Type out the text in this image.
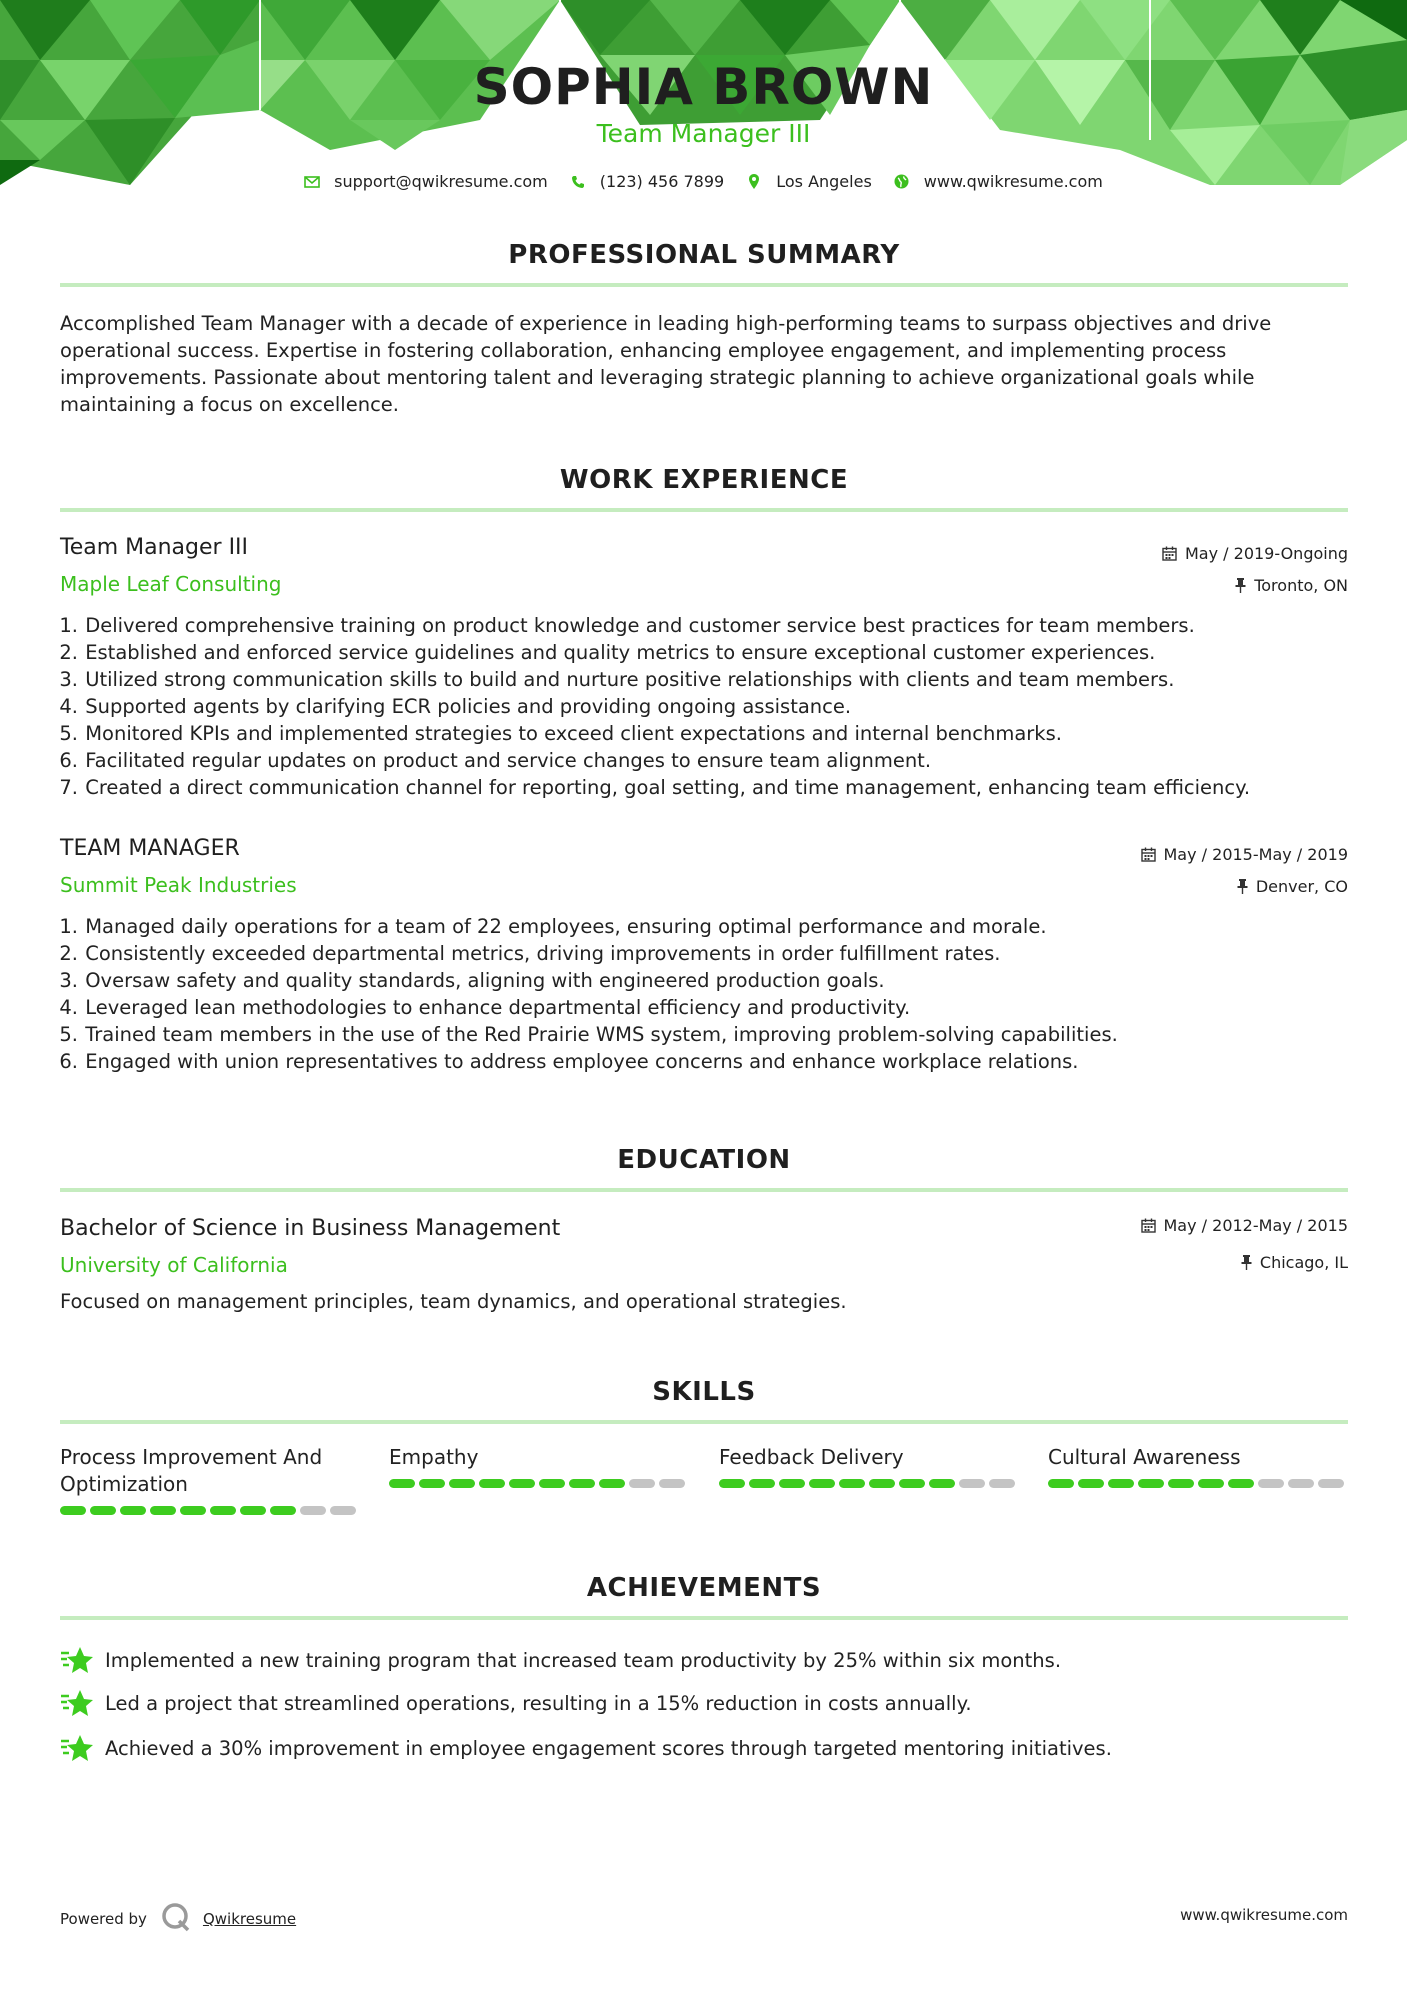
SOPHIA BROWN
Team Manager III
support@qwikresume.com	(123) 456 7899	Los Angeles	www.qwikresume.com
PROFESSIONAL SUMMARY
Accomplished Team Manager with a decade of experience in leading high-performing teams to surpass objectives and drive operational success. Expertise in fostering collaboration, enhancing employee engagement, and implementing process improvements. Passionate about mentoring talent and leveraging strategic planning to achieve organizational goals while maintaining a focus on excellence.
WORK EXPERIENCE
Team Manager III
Maple Leaf Consulting
May / 2019-Ongoing
Toronto, ON
1.
Delivered comprehensive training on product knowledge and customer service best practices for team members.
2.
Established and enforced service guidelines and quality metrics to ensure exceptional customer experiences.
3.
Utilized strong communication skills to build and nurture positive relationships with clients and team members.
4.
Supported agents by clarifying ECR policies and providing ongoing assistance.
5.
Monitored KPIs and implemented strategies to exceed client expectations and internal benchmarks.
6.
Facilitated regular updates on product and service changes to ensure team alignment.
7.
Created a direct communication channel for reporting, goal setting, and time management, enhancing team efficiency.
TEAM MANAGER
Summit Peak Industries
May / 2015-May / 2019
Denver, CO
1.
Managed daily operations for a team of 22 employees, ensuring optimal performance and morale.
2.
Consistently exceeded departmental metrics, driving improvements in order fulfillment rates.
3.
Oversaw safety and quality standards, aligning with engineered production goals.
4.
Leveraged lean methodologies to enhance departmental efficiency and productivity.
5.
Trained team members in the use of the Red Prairie WMS system, improving problem-solving capabilities.
6.
Engaged with union representatives to address employee concerns and enhance workplace relations.
EDUCATION
Bachelor of Science in Business Management
University of California
May / 2012-May / 2015
Chicago, IL
Focused on management principles, team dynamics, and operational strategies.
SKILLS
Process Improvement And Optimization
Empathy	Feedback Delivery	Cultural Awareness
ACHIEVEMENTS
Implemented a new training program that increased team productivity by 25% within six months.
Led a project that streamlined operations, resulting in a 15% reduction in costs annually.
Achieved a 30% improvement in employee engagement scores through targeted mentoring initiatives.
Powered by	Qwikresume	www.qwikresume.com
